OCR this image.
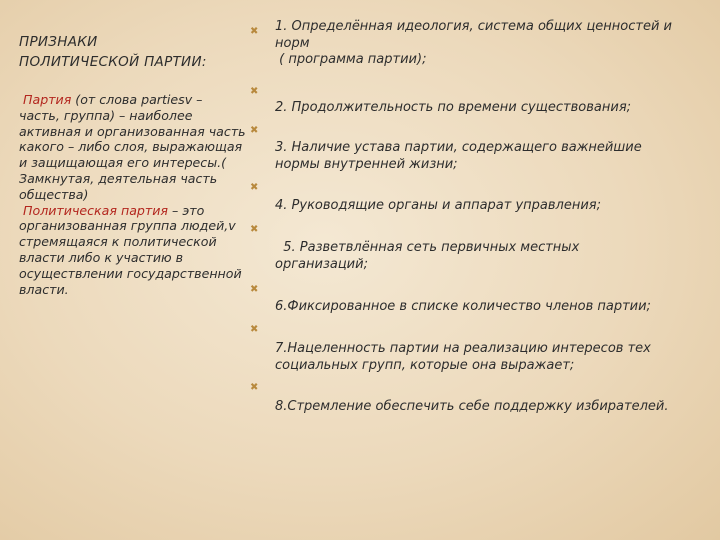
ПРИЗНАКИ
ПОЛИТИЧЕСКОЙ ПАРТИИ:
Партия (от слова partiesv – часть, группа) – наиболее активная и организованная часть какого – либо слоя, выражающая и защищающая его интересы.( Замкнутая, деятельная часть общества)
Политическая партия – это организованная группа людей,v стремящаяся к политической власти либо к участию в осуществлении государственной власти.
✖
✖
✖
✖
✖
✖
✖
✖
1. Определённая идеология, система общих ценностей и норм
( программа партии);
2. Продолжительность по времени существования;
3. Наличие устава партии, содержащего важнейшие нормы внутренней жизни;
4. Руководящие органы и аппарат управления;
5. Разветвлённая сеть первичных местных организаций;
6.Фиксированное в списке количество членов партии;
7.Нацеленность партии на реализацию интересов тех социальных групп, которые она выражает;
8.Стремление обеспечить себе поддержку избирателей.
